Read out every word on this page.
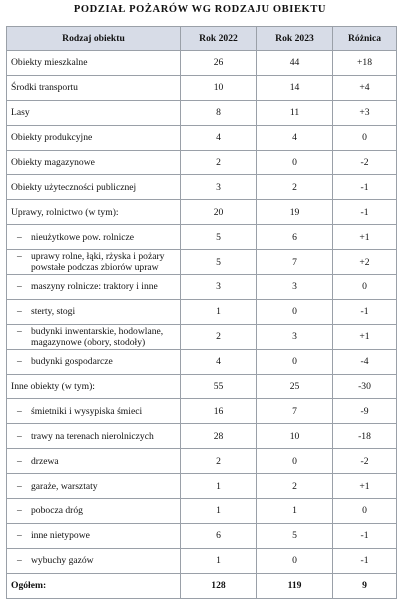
PODZIAŁ POŻARÓW WG RODZAJU OBIEKTU
Rodzaj obiektu	Rok 2022	Rok 2023	Różnica
Obiekty mieszkalne	26	44	+18
Środki transportu	10	14	+4
Lasy	8	11	+3
Obiekty produkcyjne	4	4	0
Obiekty magazynowe	2	0	-2
Obiekty użyteczności publicznej	3	2	-1
Uprawy, rolnictwo (w tym):	20	19	-1

– nieużytkowe pow. rolnicze	5	6	+1

– uprawy rolne, łąki, rżyska i pożary powstałe podczas zbiorów upraw	5	7	+2

– maszyny rolnicze: traktory i inne	3	3	0

– sterty, stogi	1	0	-1

– budynki inwentarskie, hodowlane, magazynowe (obory, stodoły)	2	3	+1

– budynki gospodarcze	4	0	-4
Inne obiekty (w tym):	55	25	-30

– śmietniki i wysypiska śmieci	16	7	-9

– trawy na terenach nierolniczych	28	10	-18

– drzewa	2	0	-2

– garaże, warsztaty	1	2	+1

– pobocza dróg	1	1	0

– inne nietypowe	6	5	-1

– wybuchy gazów	1	0	-1
Ogółem:	128	119	9
